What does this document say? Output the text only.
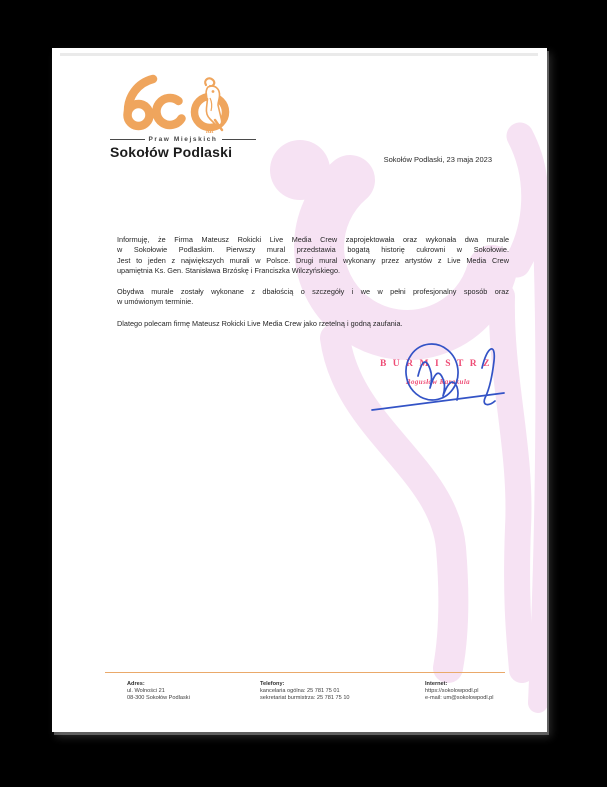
lat
Praw Miejskich
Sokołów Podlaski	Sokołów Podlaski, 23 maja 2023
Informuję, że Firma Mateusz Rokicki Live Media Crew zaprojektowała oraz wykonała dwa murale
w Sokołowie Podlaskim. Pierwszy mural przedstawia bogatą historię cukrowni w Sokołowie.
Jest to jeden z największych murali w Polsce. Drugi mural wykonany przez artystów z Live Media Crew
upamiętnia Ks. Gen. Stanisława Brzóskę i Franciszka Wilczyńskiego.
Obydwa murale zostały wykonane z dbałością o szczegóły i we w pełni profesjonalny sposób oraz
w umówionym terminie.
Dlatego polecam firmę Mateusz Rokicki Live Media Crew jako rzetelną i godną zaufania.
BURMISTRZ
Bogusław Karakula
Adres:
ul. Wolności 21
08-300 Sokołów Podlaski
Telefony:
kancelaria ogólna: 25 781 75 01
sekretariat burmistrza: 25 781 75 10
Internet:
https://sokolowpodl.pl
e-mail: um@sokolowpodl.pl
